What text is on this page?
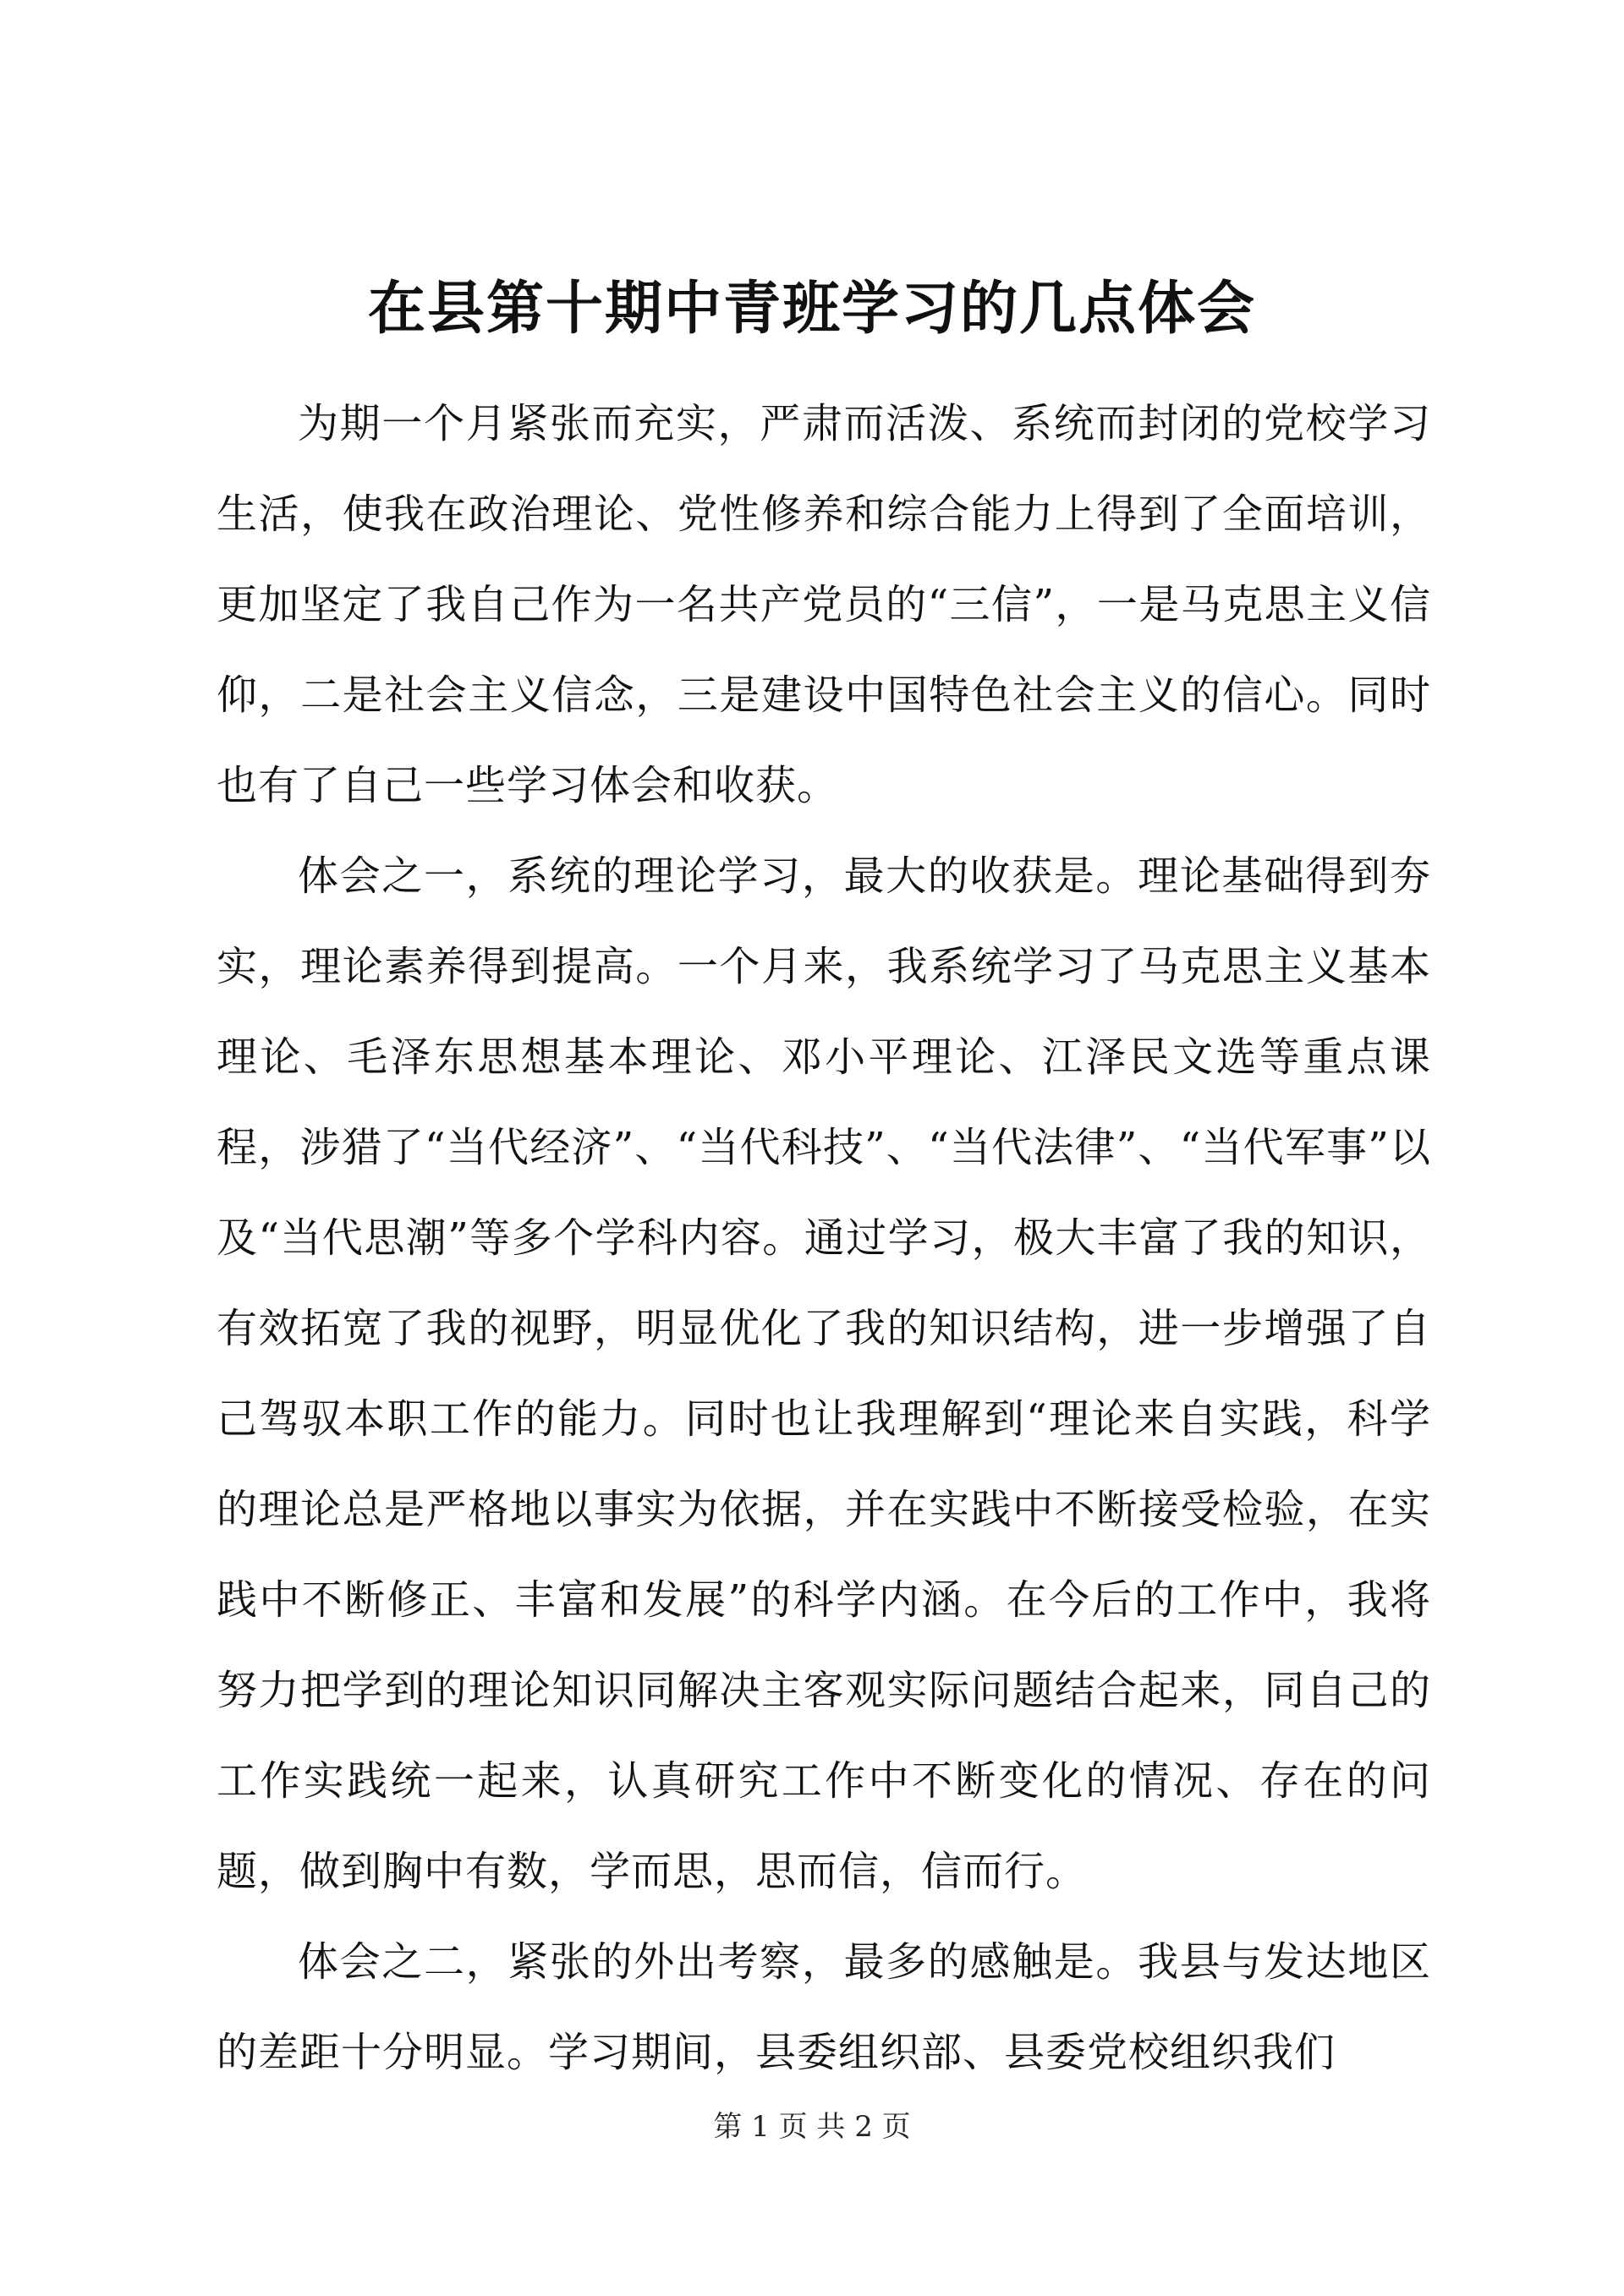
在县第十期中青班学习的几点体会

为期一个月紧张而充实，严肃而活泼、系统而封闭的党校学习生活，使我在政治理论、党性修养和综合能力上得到了全面培训，更加坚定了我自己作为一名共产党员的“三信”，一是马克思主义信仰，二是社会主义信念，三是建设中国特色社会主义的信心。同时也有了自己一些学习体会和收获。

体会之一，系统的理论学习，最大的收获是。理论基础得到夯实，理论素养得到提高。一个月来，我系统学习了马克思主义基本理论、毛泽东思想基本理论、邓小平理论、江泽民文选等重点课程，涉猎了“当代经济”、“当代科技”、“当代法律”、“当代军事”以及“当代思潮”等多个学科内容。通过学习，极大丰富了我的知识，有效拓宽了我的视野，明显优化了我的知识结构，进一步增强了自己驾驭本职工作的能力。同时也让我理解到“理论来自实践，科学的理论总是严格地以事实为依据，并在实践中不断接受检验，在实践中不断修正、丰富和发展”的科学内涵。在今后的工作中，我将努力把学到的理论知识同解决主客观实际问题结合起来，同自己的工作实践统一起来，认真研究工作中不断变化的情况、存在的问题，做到胸中有数，学而思，思而信，信而行。

体会之二，紧张的外出考察，最多的感触是。我县与发达地区的差距十分明显。学习期间，县委组织部、县委党校组织我们

第 1 页 共 2 页
